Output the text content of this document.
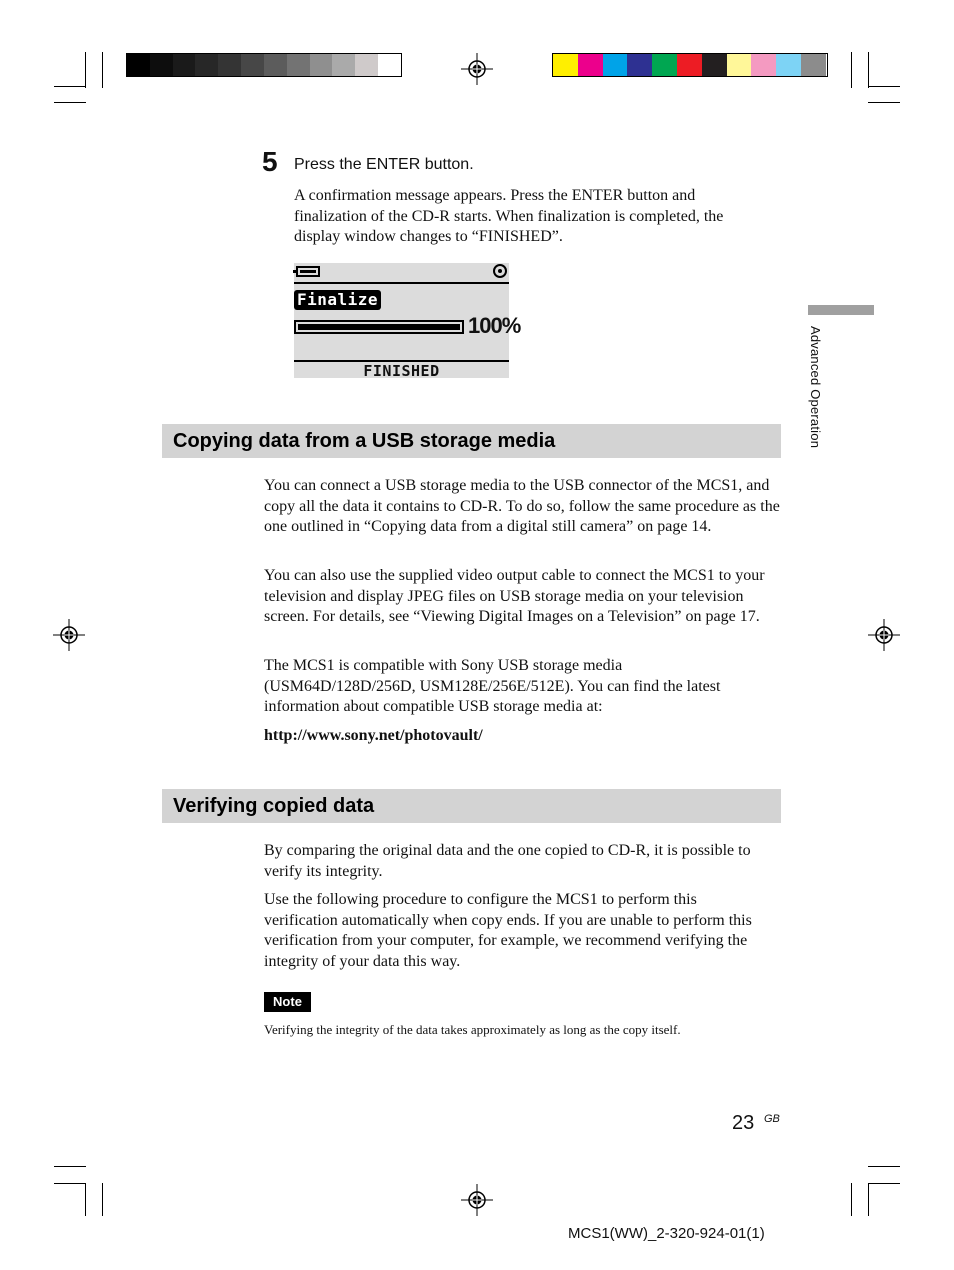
5 Press the ENTER button.
A confirmation message appears. Press the ENTER button and finalization of the CD-R starts. When finalization is completed, the display window changes to “FINISHED”.
Finalize
100%
FINISHED
Copying data from a USB storage media
You can connect a USB storage media to the USB connector of the MCS1, and copy all the data it contains to CD-R. To do so, follow the same procedure as the one outlined in “Copying data from a digital still camera” on page 14.
You can also use the supplied video output cable to connect the MCS1 to your television and display JPEG files on USB storage media on your television screen. For details, see “Viewing Digital Images on a Television” on page 17.
The MCS1 is compatible with Sony USB storage media (USM64D/128D/256D, USM128E/256E/512E). You can find the latest information about compatible USB storage media at:
http://www.sony.net/photovault/
Verifying copied data
By comparing the original data and the one copied to CD-R, it is possible to verify its integrity.
Use the following procedure to configure the MCS1 to perform this verification automatically when copy ends. If you are unable to perform this verification from your computer, for example, we recommend verifying the integrity of your data this way.
Note
Verifying the integrity of the data takes approximately as long as the copy itself.
Advanced Operation
23 GB
MCS1(WW)_2-320-924-01(1)
